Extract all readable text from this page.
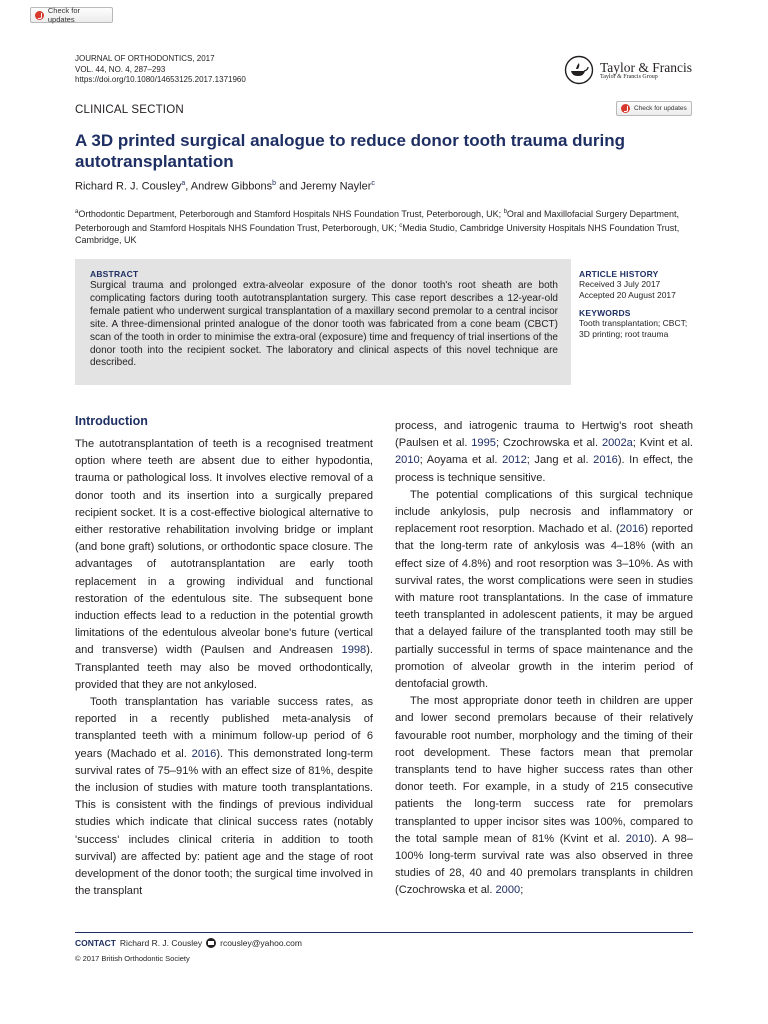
Check for updates
JOURNAL OF ORTHODONTICS, 2017
VOL. 44, NO. 4, 287–293
https://doi.org/10.1080/14653125.2017.1371960
Taylor & Francis
Taylor & Francis Group
CLINICAL SECTION	Check for updates
A 3D printed surgical analogue to reduce donor tooth trauma during
autotransplantation
Richard R. J. Cousley$^a$, Andrew Gibbons$^b$ and Jeremy Nayler$^c$
$^a$Orthodontic Department, Peterborough and Stamford Hospitals NHS Foundation Trust, Peterborough, UK; $^b$Oral and Maxillofacial Surgery Department, Peterborough and Stamford Hospitals NHS Foundation Trust, Peterborough, UK; $^c$Media Studio, Cambridge University Hospitals NHS Foundation Trust, Cambridge, UK
ABSTRACT
Surgical trauma and prolonged extra-alveolar exposure of the donor tooth's root sheath are both complicating factors during tooth autotransplantation surgery. This case report describes a 12-year-old female patient who underwent surgical transplantation of a maxillary second premolar to a central incisor site. A three-dimensional printed analogue of the donor tooth was fabricated from a cone beam (CBCT) scan of the tooth in order to minimise the extra-oral (exposure) time and frequency of trial insertions of the donor tooth into the recipient socket. The laboratory and clinical aspects of this novel technique are described.
ARTICLE HISTORY
Received 3 July 2017
Accepted 20 August 2017
KEYWORDS
Tooth transplantation; CBCT; 3D printing; root trauma
Introduction

The autotransplantation of teeth is a recognised treatment option where teeth are absent due to either hypodontia, trauma or pathological loss. It involves elective removal of a donor tooth and its insertion into a surgically prepared recipient socket. It is a cost-effective biological alternative to either restorative rehabilitation involving bridge or implant (and bone graft) solutions, or orthodontic space closure. The advantages of autotransplantation are early tooth replacement in a growing individual and functional restoration of the edentulous site. The subsequent bone induction effects lead to a reduction in the potential growth limitations of the edentulous alveolar bone's future (vertical and transverse) width (Paulsen and Andreasen 1998). Transplanted teeth may also be moved orthodontically, provided that they are not ankylosed.

Tooth transplantation has variable success rates, as reported in a recently published meta-analysis of transplanted teeth with a minimum follow-up period of 6 years (Machado et al. 2016). This demonstrated long-term survival rates of 75–91% with an effect size of 81%, despite the inclusion of studies with mature tooth transplantations. This is consistent with the findings of previous individual studies which indicate that clinical success rates (notably 'success' includes clinical criteria in addition to tooth survival) are affected by: patient age and the stage of root development of the donor tooth; the surgical time involved in the transplant

process, and iatrogenic trauma to Hertwig's root sheath (Paulsen et al. 1995; Czochrowska et al. 2002a; Kvint et al. 2010; Aoyama et al. 2012; Jang et al. 2016). In effect, the process is technique sensitive.

The potential complications of this surgical technique include ankylosis, pulp necrosis and inflammatory or replacement root resorption. Machado et al. (2016) reported that the long-term rate of ankylosis was 4–18% (with an effect size of 4.8%) and root resorption was 3–10%. As with survival rates, the worst complications were seen in studies with mature root transplantations. In the case of immature teeth transplanted in adolescent patients, it may be argued that a delayed failure of the transplanted tooth may still be partially successful in terms of space maintenance and the promotion of alveolar growth in the interim period of dentofacial growth.

The most appropriate donor teeth in children are upper and lower second premolars because of their relatively favourable root number, morphology and the timing of their root development. These factors mean that premolar transplants tend to have higher success rates than other donor teeth. For example, in a study of 215 consecutive patients the long-term success rate for premolars transplanted to upper incisor sites was 100%, compared to the total sample mean of 81% (Kvint et al. 2010). A 98–100% long-term survival rate was also observed in three studies of 28, 40 and 40 premolars transplants in children (Czochrowska et al. 2000;

CONTACT Richard R. J. Cousley rcousley@yahoo.com
© 2017 British Orthodontic Society
